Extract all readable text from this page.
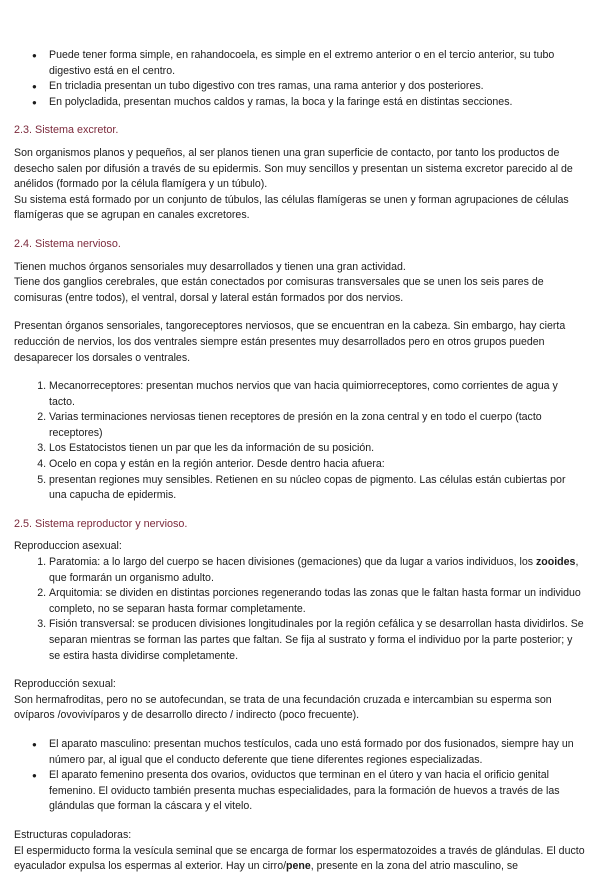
● Puede tener forma simple, en rahandocoela, es simple en el extremo anterior o en el tercio anterior, su tubo digestivo está en el centro.
● En tricladia presentan un tubo digestivo con tres ramas, una rama anterior y dos posteriores.
● En polycladida, presentan muchos caldos y ramas, la boca y la faringe está en distintas secciones.
2.3. Sistema excretor.

Son organismos planos y pequeños, al ser planos tienen una gran superficie de contacto, por tanto los productos de desecho salen por difusión a través de su epidermis. Son muy sencillos y presentan un sistema excretor parecido al de anélidos (formado por la célula flamígera y un túbulo).

Su sistema está formado por un conjunto de túbulos, las células flamígeras se unen y forman agrupaciones de células flamígeras que se agrupan en canales excretores.

2.4. Sistema nervioso.

Tienen muchos órganos sensoriales muy desarrollados y tienen una gran actividad.

Tiene dos ganglios cerebrales, que están conectados por comisuras transversales que se unen los seis pares de comisuras (entre todos), el ventral, dorsal y lateral están formados por dos nervios.

Presentan órganos sensoriales, tangoreceptores nerviosos, que se encuentran en la cabeza. Sin embargo, hay cierta reducción de nervios, los dos ventrales siempre están presentes muy desarrollados pero en otros grupos pueden desaparecer los dorsales o ventrales.

1. Mecanorreceptores: presentan muchos nervios que van hacia quimiorreceptores, como corrientes de agua y tacto.
2. Varias terminaciones nerviosas tienen receptores de presión en la zona central y en todo el cuerpo (tacto receptores)
3. Los Estatocistos tienen un par que les da información de su posición.
4. Ocelo en copa y están en la región anterior. Desde dentro hacia afuera:
5. presentan regiones muy sensibles. Retienen en su núcleo copas de pigmento. Las células están cubiertas por una capucha de epidermis.
2.5. Sistema reproductor y nervioso.

Reproduccion asexual:

1. Paratomia: a lo largo del cuerpo se hacen divisiones (gemaciones) que da lugar a varios individuos, los zooides, que formarán un organismo adulto.
2. Arquitomia: se dividen en distintas porciones regenerando todas las zonas que le faltan hasta formar un individuo completo, no se separan hasta formar completamente.
3. Fisión transversal: se producen divisiones longitudinales por la región cefálica y se desarrollan hasta dividirlos. Se separan mientras se forman las partes que faltan. Se fija al sustrato y forma el individuo por la parte posterior; y se estira hasta dividirse completamente.

Reproducción sexual:

Son hermafroditas, pero no se autofecundan, se trata de una fecundación cruzada e intercambian su esperma son ovíparos /ovovivíparos y de desarrollo directo / indirecto (poco frecuente).

● El aparato masculino: presentan muchos testículos, cada uno está formado por dos fusionados, siempre hay un número par, al igual que el conducto deferente que tiene diferentes regiones especializadas.
● El aparato femenino presenta dos ovarios, oviductos que terminan en el útero y van hacia el orificio genital femenino. El oviducto también presenta muchas especialidades, para la formación de huevos a través de las glándulas que forman la cáscara y el vitelo.

Estructuras copuladoras:

El espermiducto forma la vesícula seminal que se encarga de formar los espermatozoides a través de glándulas. El ducto eyaculador expulsa los espermas al exterior. Hay un cirro/pene, presente en la zona del atrio masculino, se
